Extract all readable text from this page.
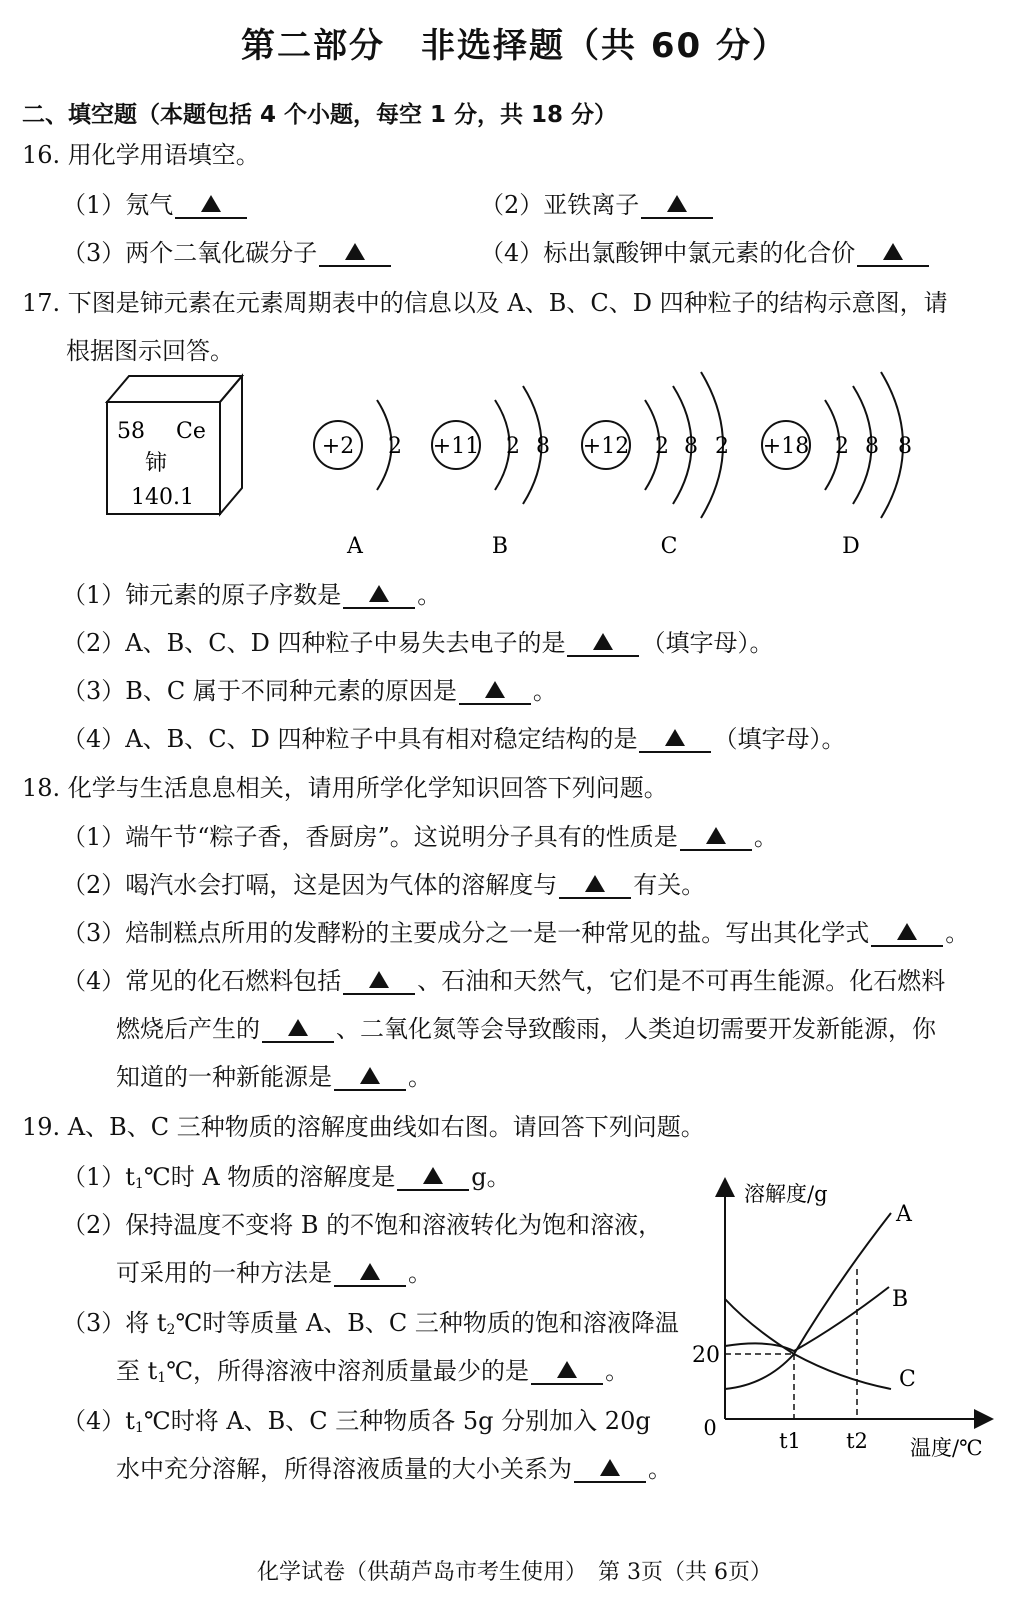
第二部分　非选择题（共 60 分）
二、填空题（本题包括 4 个小题，每空 1 分，共 18 分）
16. 用化学用语填空。
（1）氖气	（2）亚铁离子
（3）两个二氧化碳分子	（4）标出氯酸钾中氯元素的化合价
17. 下图是铈元素在元素周期表中的信息以及 A、B、C、D 四种粒子的结构示意图，请
根据图示回答。
58 Ce
铈
140.1
+2 2
A
+11 2 8
B
+12 2 8 2
C
+18 2 8 8
D
（1）铈元素的原子序数是	。
（2）A、B、C、D 四种粒子中易失去电子的是	（填字母）。
（3）B、C 属于不同种元素的原因是	。
（4）A、B、C、D 四种粒子中具有相对稳定结构的是	（填字母）。
18. 化学与生活息息相关，请用所学化学知识回答下列问题。
（1）端午节“粽子香，香厨房”。这说明分子具有的性质是	。
（2）喝汽水会打嗝，这是因为气体的溶解度与	有关。
（3）焙制糕点所用的发酵粉的主要成分之一是一种常见的盐。写出其化学式	。
（4）常见的化石燃料包括	、石油和天然气，它们是不可再生能源。化石燃料
燃烧后产生的	、二氧化氮等会导致酸雨，人类迫切需要开发新能源，你
知道的一种新能源是	。
19. A、B、C 三种物质的溶解度曲线如右图。请回答下列问题。
$(1)t_1℃$时 A 物质的溶解度是	g。
（2）保持温度不变将 B 的不饱和溶液转化为饱和溶液，
可采用的一种方法是	。
（3）将 $t_2℃$时等质量 A、B、C 三种物质的饱和溶液降温
至 $t_1℃$，所得溶液中溶剂质量最少的是	。
$(4)t_1℃$时将 A、B、C 三种物质各 5g 分别加入 20g
水中充分溶解，所得溶液质量的大小关系为	。
溶解度/g
温度/℃
0
20
t1 t2
A
B
C
化学试卷（供葫芦岛市考生使用）　第 3页（共 6页）
